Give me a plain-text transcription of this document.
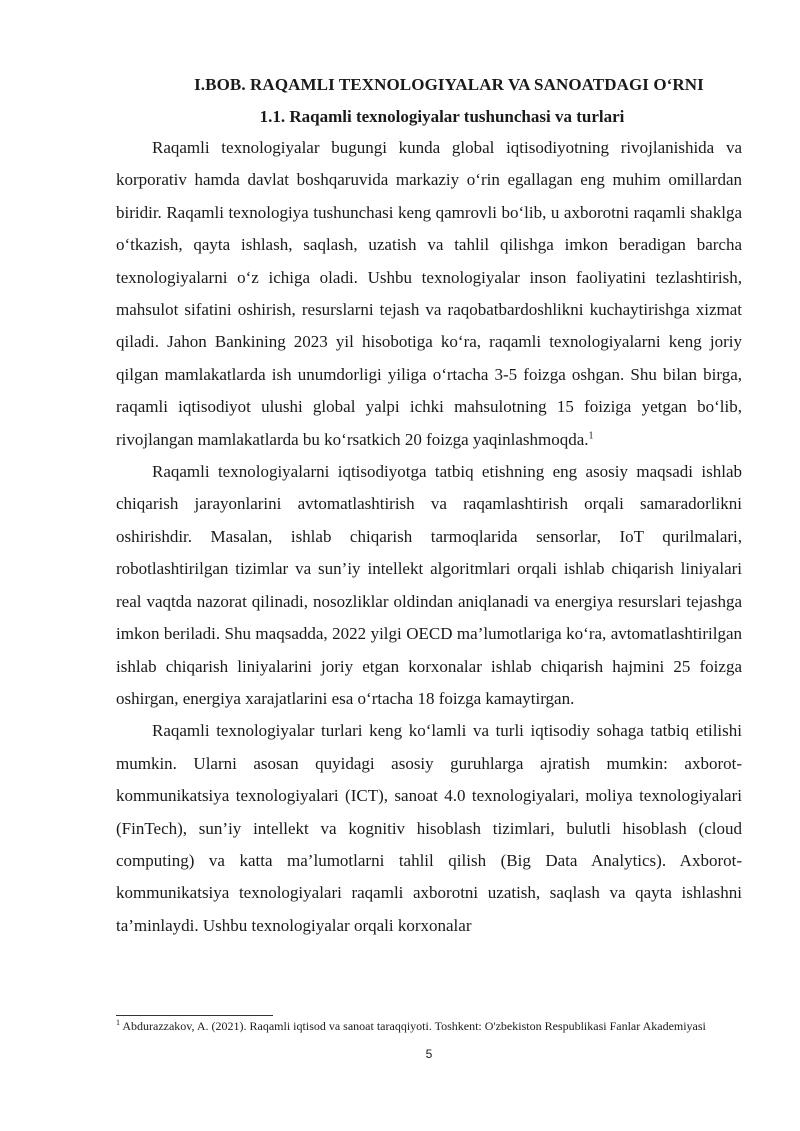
I.BOB. RAQAMLI TEXNOLOGIYALAR VA SANOATDAGI O‘RNI
1.1. Raqamli texnologiyalar tushunchasi va turlari

Raqamli texnologiyalar bugungi kunda global iqtisodiyotning rivojlanishida va korporativ hamda davlat boshqaruvida markaziy o‘rin egallagan eng muhim omillardan biridir. Raqamli texnologiya tushunchasi keng qamrovli bo‘lib, u axborotni raqamli shaklga o‘tkazish, qayta ishlash, saqlash, uzatish va tahlil qilishga imkon beradigan barcha texnologiyalarni o‘z ichiga oladi. Ushbu texnologiyalar inson faoliyatini tezlashtirish, mahsulot sifatini oshirish, resurslarni tejash va raqobatbardoshlikni kuchaytirishga xizmat qiladi. Jahon Bankining 2023 yil hisobotiga ko‘ra, raqamli texnologiyalarni keng joriy qilgan mamlakatlarda ish unumdorligi yiliga o‘rtacha 3-5 foizga oshgan. Shu bilan birga, raqamli iqtisodiyot ulushi global yalpi ichki mahsulotning 15 foiziga yetgan bo‘lib, rivojlangan mamlakatlarda bu ko‘rsatkich 20 foizga yaqinlashmoqda.$^1$

Raqamli texnologiyalarni iqtisodiyotga tatbiq etishning eng asosiy maqsadi ishlab chiqarish jarayonlarini avtomatlashtirish va raqamlashtirish orqali samaradorlikni oshirishdir. Masalan, ishlab chiqarish tarmoqlarida sensorlar, IoT qurilmalari, robotlashtirilgan tizimlar va sun’iy intellekt algoritmlari orqali ishlab chiqarish liniyalari real vaqtda nazorat qilinadi, nosozliklar oldindan aniqlanadi va energiya resurslari tejashga imkon beriladi. Shu maqsadda, 2022 yilgi OECD ma’lumotlariga ko‘ra, avtomatlashtirilgan ishlab chiqarish liniyalarini joriy etgan korxonalar ishlab chiqarish hajmini 25 foizga oshirgan, energiya xarajatlarini esa o‘rtacha 18 foizga kamaytirgan.

Raqamli texnologiyalar turlari keng ko‘lamli va turli iqtisodiy sohaga tatbiq etilishi mumkin. Ularni asosan quyidagi asosiy guruhlarga ajratish mumkin: axborot-kommunikatsiya texnologiyalari (ICT), sanoat 4.0 texnologiyalari, moliya texnologiyalari (FinTech), sun’iy intellekt va kognitiv hisoblash tizimlari, bulutli hisoblash (cloud computing) va katta ma’lumotlarni tahlil qilish (Big Data Analytics). Axborot-kommunikatsiya texnologiyalari raqamli axborotni uzatish, saqlash va qayta ishlashni ta’minlaydi. Ushbu texnologiyalar orqali korxonalar

$^1$ Abdurazzakov, A. (2021). Raqamli iqtisod va sanoat taraqqiyoti. Toshkent: O'zbekiston Respublikasi Fanlar Akademiyasi
5
